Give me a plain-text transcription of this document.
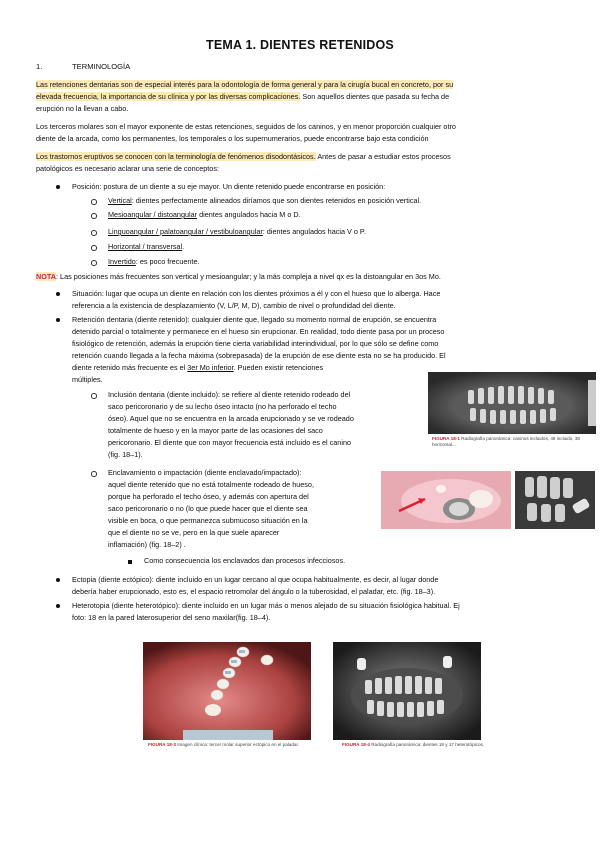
TEMA 1. DIENTES RETENIDOS
1.	TERMINOLOGÍA

Las retenciones dentarias son de especial interés para la odontología de forma general y para la cirugía bucal en concreto, por su

elevada frecuencia, la importancia de su clínica y por las diversas complicaciones. Son aquellos dientes que pasada su fecha de

erupción no la llevan a cabo.

Los terceros molares son el mayor exponente de estas retenciones, seguidos de los caninos, y en menor proporción cualquier otro

diente de la arcada, como los permanentes, los temporales o los supernumerarios, puede encontrarse bajo esta condición

Los trastornos eruptivos se conocen con la terminología de fenómenos disodontásicos. Antes de pasar a estudiar estos procesos

patológicos es necesario aclarar una serie de conceptos:

Posición: postura de un diente a su eje mayor. Un diente retenido puede encontrarse en posición:

Vertical: dientes perfectamente alineados diríamos que son dientes retenidos en posición vertical.

Mesioangular / distoangular dientes angulados hacia M o D.

Linguoangular / palatoangular / vestibuloangular: dientes angulados hacia V o P.

Horizontal / transversal.

Invertido: es poco frecuente.

NOTA: Las posiciones más frecuentes son vertical y mesioangular; y la más compleja a nivel qx es la distoangular en 3os Mo.

Situación: lugar que ocupa un diente en relación con los dientes próximos a él y con el hueso que lo alberga. Hace

referencia a la existencia de desplazamiento (V, L/P, M, D), cambio de nivel o profundidad del diente.

Retención dentaria (diente retenido): cualquier diente que, llegado su momento normal de erupción, se encuentra

detenido parcial o totalmente y permanece en el hueso sin erupcionar. En realidad, todo diente pasa por un proceso

fisiológico de retención, además la erupción tiene cierta variabilidad interindividual, por lo que sólo se define como

retención cuando llegada a la fecha máxima (sobrepasada) de la erupción de ese diente esta no se ha producido. El

diente retenido más frecuente es el 3er Mo inferior. Pueden existir retenciones

múltiples.

FIGURA 18-1 Radiografía panorámica: caninos incluidos, 48 incluido, 38 horizontal...

Inclusión dentaria (diente incluido): se refiere al diente retenido rodeado del

saco pericoronario y de su lecho óseo intacto (no ha perforado el techo

óseo). Aquel que no se encuentra en la arcada erupcionado y se ve rodeado

totalmente de hueso y en la mayor parte de las ocasiones del saco

pericoronario. El diente que con mayor frecuencia está incluido es el canino

(fig. 18–1).

Enclavamiento o impactación (diente enclavado/impactado):

aquel diente retenido que no está totalmente rodeado de hueso,

porque ha perforado el techo óseo, y además con apertura del

saco pericoronario o no (lo que puede hacer que el diente sea

visible en boca, o que permanezca submucoso situación en la

que el diente no se ve, pero en la que suele aparecer

inflamación) (fig. 18–2) .

Como consecuencia los enclavados dan procesos infecciosos.

Ectopia (diente ectópico): diente incluido en un lugar cercano al que ocupa habitualmente, es decir, al lugar donde

debería haber erupcionado, esto es, el espacio retromolar del ángulo o la tuberosidad, el paladar, etc. (fig. 18–3).

Heterotopia (diente heterotópico): diente incluido en un lugar más o menos alejado de su situación fisiológica habitual. Ej

foto: 18 en la pared laterosuperior del seno maxilar(fig. 18–4).

FIGURA 18-3 Imagen clínica: tercer molar superior ectópico en el paladar.	FIGURA 18-4 Radiografía panorámica: dientes 18 y 17 heterotópicos.
